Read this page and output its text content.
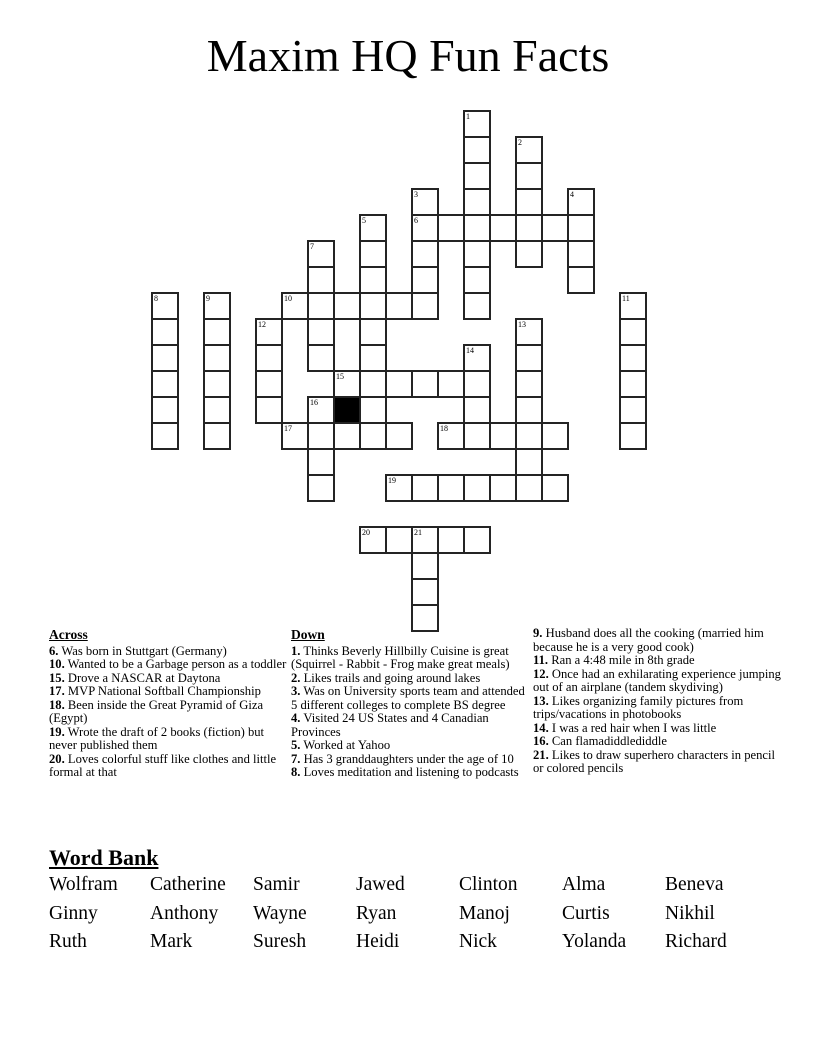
Maxim HQ Fun Facts
1
2
3	4
5	6
7
8	9	10	11
12	13
14
15
16
17	18
19
20	21
Across

6. Was born in Stuttgart (Germany)

10. Wanted to be a Garbage person as a toddler

15. Drove a NASCAR at Daytona

17. MVP National Softball Championship

18. Been inside the Great Pyramid of Giza (Egypt)

19. Wrote the draft of 2 books (fiction) but never published them

20. Loves colorful stuff like clothes and little formal at that

Down

1. Thinks Beverly Hillbilly Cuisine is great (Squirrel - Rabbit - Frog make great meals)

2. Likes trails and going around lakes

3. Was on University sports team and attended 5 different colleges to complete BS degree

4. Visited 24 US States and 4 Canadian Provinces

5. Worked at Yahoo

7. Has 3 granddaughters under the age of 10

8. Loves meditation and listening to podcasts

9. Husband does all the cooking (married him because he is a very good cook)

11. Ran a 4:48 mile in 8th grade

12. Once had an exhilarating experience jumping out of an airplane (tandem skydiving)

13. Likes organizing family pictures from trips/vacations in photobooks

14. I was a red hair when I was little

16. Can flamadiddlediddle

21. Likes to draw superhero characters in pencil or colored pencils

Word Bank
Wolfram	Catherine	Samir	Jawed	Clinton	Alma	Beneva
Ginny	Anthony	Wayne	Ryan	Manoj	Curtis	Nikhil
Ruth	Mark	Suresh	Heidi	Nick	Yolanda	Richard
